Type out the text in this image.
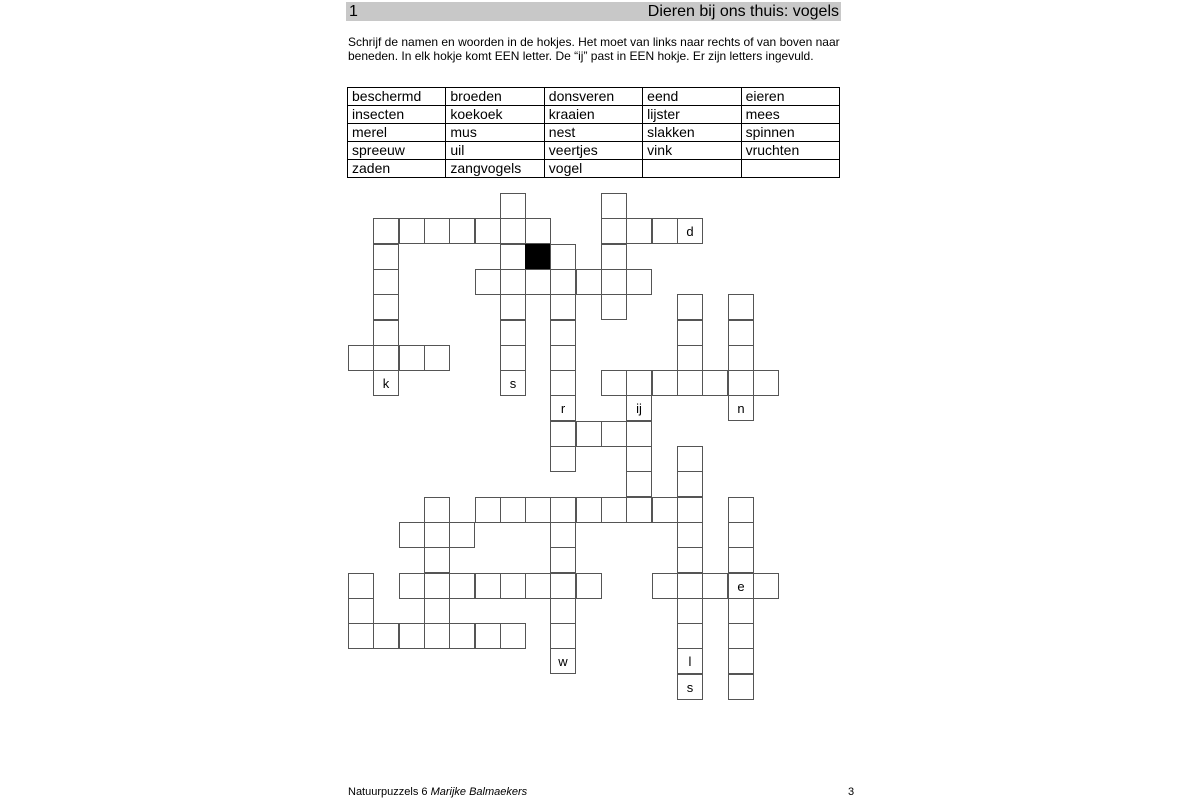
1	Dieren bij ons thuis: vogels
Schrijf de namen en woorden in de hokjes. Het moet van links naar rechts of van boven naar beneden. In elk hokje komt EEN letter. De “ij” past in EEN hokje. Er zijn letters ingevuld.
beschermd	broeden	donsveren	eend	eieren
insecten	koekoek	kraaien	lijster	mees
merel	mus	nest	slakken	spinnen
spreeuw	uil	veertjes	vink	vruchten
zaden	zangvogels	vogel		
d
k	s
r	ij	n
e
w	l
s
Natuurpuzzels 6 Marijke Balmaekers	3
